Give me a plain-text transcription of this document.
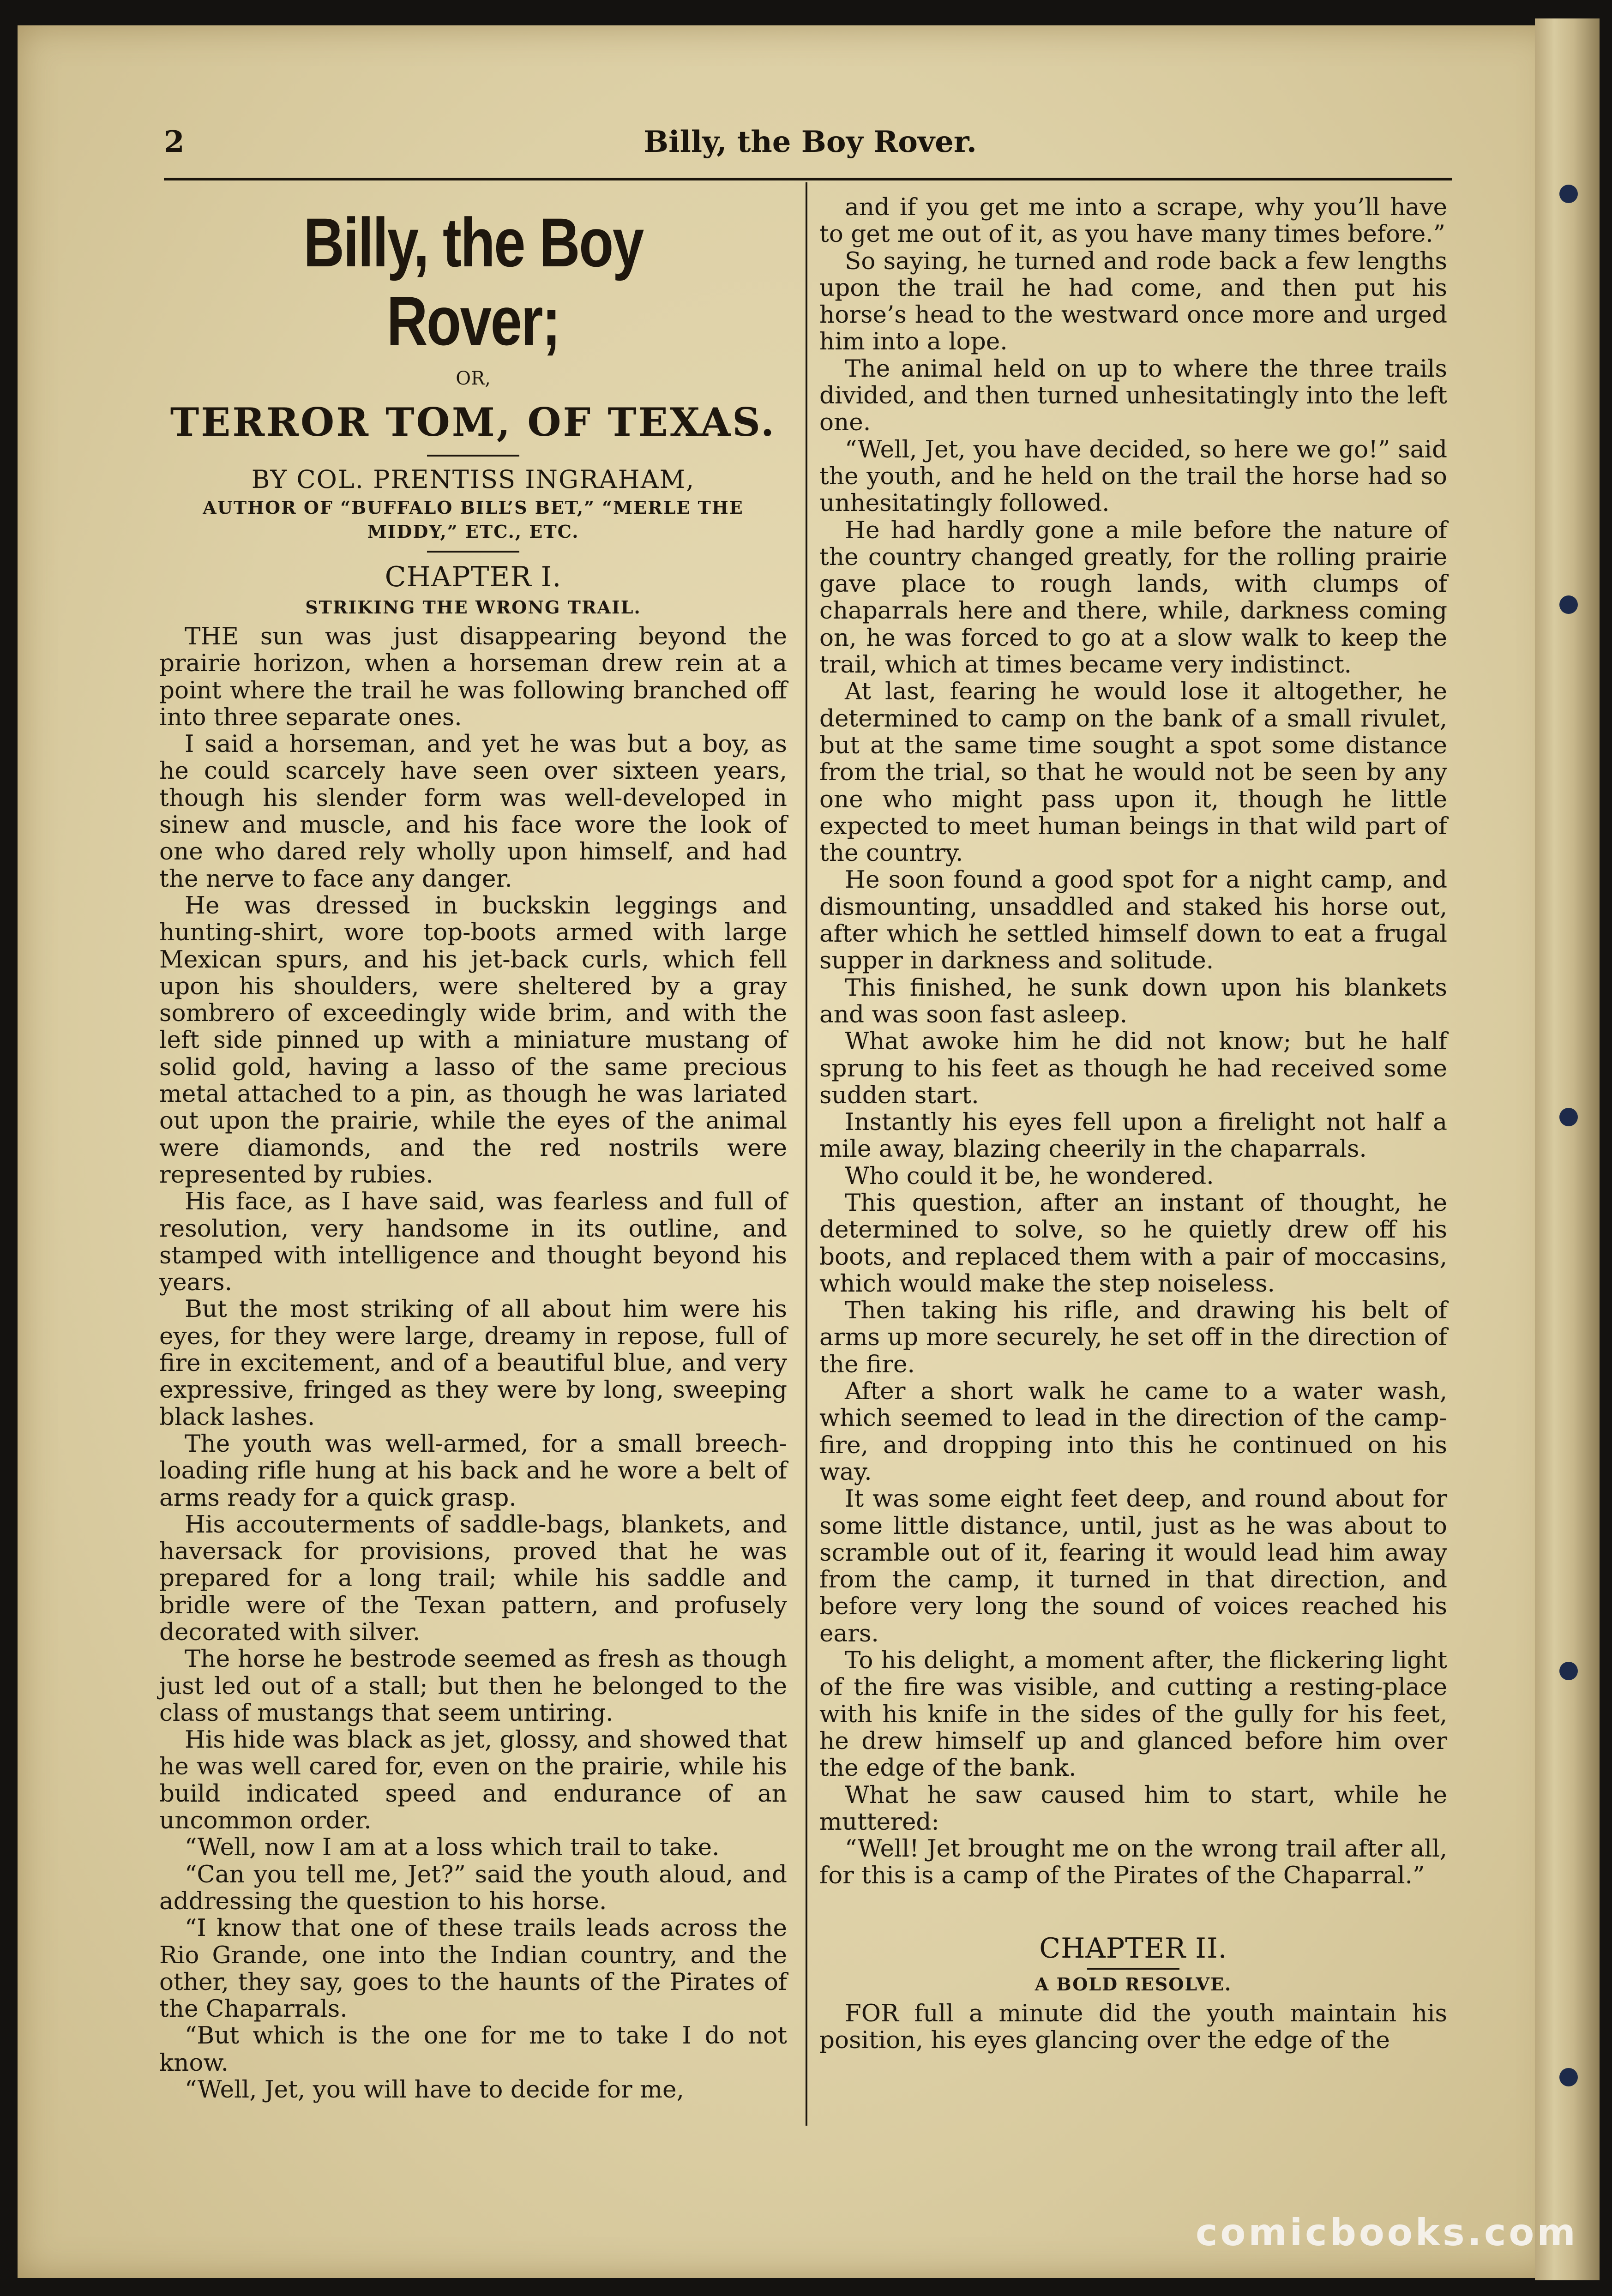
2	Billy, the Boy Rover.
Billy, the Boy Rover;
OR,
TERROR TOM, OF TEXAS.
BY COL. PRENTISS INGRAHAM,
AUTHOR OF “BUFFALO BILL’S BET,” “MERLE THE MIDDY,” ETC., ETC.
CHAPTER I.
STRIKING THE WRONG TRAIL.

THE sun was just disappearing beyond the prairie horizon, when a horseman drew rein at a point where the trail he was following branched off into three separate ones.

I said a horseman, and yet he was but a boy, as he could scarcely have seen over sixteen years, though his slender form was well-developed in sinew and muscle, and his face wore the look of one who dared rely wholly upon himself, and had the nerve to face any danger.

He was dressed in buckskin leggings and hunting-shirt, wore top-boots armed with large Mexican spurs, and his jet-back curls, which fell upon his shoulders, were sheltered by a gray sombrero of exceedingly wide brim, and with the left side pinned up with a miniature mustang of solid gold, having a lasso of the same precious metal attached to a pin, as though he was lariated out upon the prairie, while the eyes of the animal were diamonds, and the red nostrils were represented by rubies.

His face, as I have said, was fearless and full of resolution, very handsome in its outline, and stamped with intelligence and thought beyond his years.

But the most striking of all about him were his eyes, for they were large, dreamy in repose, full of fire in excitement, and of a beautiful blue, and very expressive, fringed as they were by long, sweeping black lashes.

The youth was well-armed, for a small breech-loading rifle hung at his back and he wore a belt of arms ready for a quick grasp.

His accouterments of saddle-bags, blankets, and haversack for provisions, proved that he was prepared for a long trail; while his saddle and bridle were of the Texan pattern, and profusely decorated with silver.

The horse he bestrode seemed as fresh as though just led out of a stall; but then he belonged to the class of mustangs that seem untiring.

His hide was black as jet, glossy, and showed that he was well cared for, even on the prairie, while his build indicated speed and endurance of an uncommon order.

“Well, now I am at a loss which trail to take.

“Can you tell me, Jet?” said the youth aloud, and addressing the question to his horse.

“I know that one of these trails leads across the Rio Grande, one into the Indian country, and the other, they say, goes to the haunts of the Pirates of the Chaparrals.

“But which is the one for me to take I do not know.

“Well, Jet, you will have to decide for me,

and if you get me into a scrape, why you’ll have to get me out of it, as you have many times before.”

So saying, he turned and rode back a few lengths upon the trail he had come, and then put his horse’s head to the westward once more and urged him into a lope.

The animal held on up to where the three trails divided, and then turned unhesitatingly into the left one.

“Well, Jet, you have decided, so here we go!” said the youth, and he held on the trail the horse had so unhesitatingly followed.

He had hardly gone a mile before the nature of the country changed greatly, for the rolling prairie gave place to rough lands, with clumps of chaparrals here and there, while, darkness coming on, he was forced to go at a slow walk to keep the trail, which at times became very indistinct.

At last, fearing he would lose it altogether, he determined to camp on the bank of a small rivulet, but at the same time sought a spot some distance from the trial, so that he would not be seen by any one who might pass upon it, though he little expected to meet human beings in that wild part of the country.

He soon found a good spot for a night camp, and dismounting, unsaddled and staked his horse out, after which he settled himself down to eat a frugal supper in darkness and solitude.

This finished, he sunk down upon his blankets and was soon fast asleep.

What awoke him he did not know; but he half sprung to his feet as though he had received some sudden start.

Instantly his eyes fell upon a firelight not half a mile away, blazing cheerily in the chaparrals.

Who could it be, he wondered.

This question, after an instant of thought, he determined to solve, so he quietly drew off his boots, and replaced them with a pair of moccasins, which would make the step noiseless.

Then taking his rifle, and drawing his belt of arms up more securely, he set off in the direction of the fire.

After a short walk he came to a water wash, which seemed to lead in the direction of the camp-fire, and dropping into this he continued on his way.

It was some eight feet deep, and round about for some little distance, until, just as he was about to scramble out of it, fearing it would lead him away from the camp, it turned in that direction, and before very long the sound of voices reached his ears.

To his delight, a moment after, the flickering light of the fire was visible, and cutting a resting-place with his knife in the sides of the gully for his feet, he drew himself up and glanced before him over the edge of the bank.

What he saw caused him to start, while he muttered:

“Well! Jet brought me on the wrong trail after all, for this is a camp of the Pirates of the Chaparral.”

CHAPTER II.
A BOLD RESOLVE.

FOR full a minute did the youth maintain his position, his eyes glancing over the edge of the

comicbooks.com
